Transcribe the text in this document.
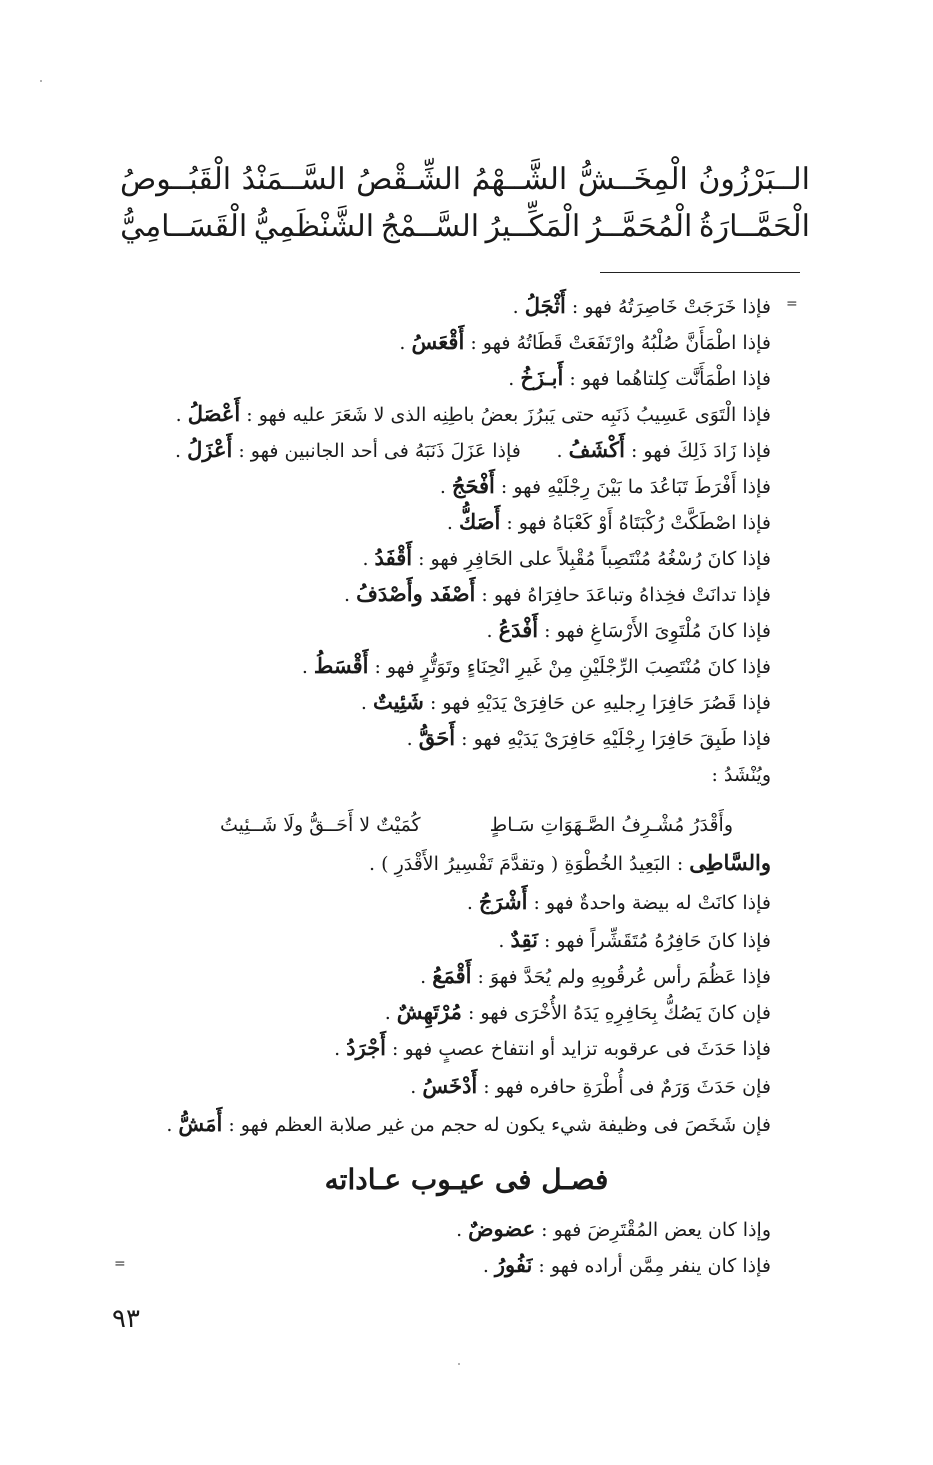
الــبَرْزُونُ
الْمِخَــشُّ
الشَّــهْمُ
الشِّـقْصُ
السَّــمَنْدُ
الْقَبُــوصُ
الْحَمَّــارَةُ
الْمُحَمَّــرُ
الْمَكِّــيرُ
السَّــمْجُ
الشَّنْظَمِيُّ
الْقَسَــامِيُّ
=
فإذا خَرَجَتْ خَاصِرَتُهُ فهو : أَثْجَلُ .
فإذا اطْمَأَنَّ صُلْبُهُ وارْتَفَعَتْ قَطَاتُهُ فهو : أَقْعَسُ .
فإذا اطْمَأَنَّت كِلتاهُما فهو : أَبـزَخُ .
فإذا الْتَوَى عَسِيبُ ذَنَبِه حتى يَبرُزَ بعضُ باطِنِه الذى لا شَعَرَ عليه فهو : أَعْصَلُ .
فإذا زَادَ ذَلِكَ فهو : أَكْشَفُ .
فإذا عَزَلَ ذَنَبَهُ فى أحد الجانبين فهو : أَعْزَلُ .
فإذا أَفْرَطَ تَبَاعُدَ ما بَيْنَ رِجْلَيْهِ فهو : أَفْحَجُ .
فإذا اصْطَكَّتْ رُكْبَتَاهُ أَوْ كَعْبَاهُ فهو : أَصَكُّ .
فإذا كانَ رُسْغُهُ مُنْتَصِباً مُقْبِلاً على الحَافِرِ فهو : أَقْفَدُ .
فإذا تدانَتْ فخِذاهُ وتباعَدَ حافِرَاهُ فهو : أَصْفَد وأَصْدَفُ .
فإذا كانَ مُلْتَوِىَ الأَرْسَاغِ فهو : أَفْدَعُ .
فإذا كانَ مُنْتَصِبَ الرِّجْلَيْنِ مِنْ غَيرِ انْحِنَاءٍ وتَوَتُّرٍ فهو : أَقْسَطُ .
فإذا قَصُرَ حَافِرَا رِجليهِ عن حَافِرَىْ يَدَيْهِ فهو : شَئِيتٌ .
فإذا طَبِقَ حَافِرَا رِجْلَيْهِ حَافِرَىْ يَدَيْهِ فهو : أَحَقُّ .
ويُنْشَدُ :
وأَقْدَرُ مُشْـرِفُ الصَّـهَوَاتِ سَـاطٍ
كُمَيْتٌ لا أَحَــقُّ ولَا شَــئِيتُ
والسَّاطِى : البَعِيدُ الخُطْوَةِ ( وتقدَّمَ تَفْسِيرُ الأَقْدَرِ ) .
فإذا كانَتْ له بيضة واحدةٌ فهو : أَشْرَجُ .
فإذا كانَ حَافِرُهُ مُتَقَشِّراً فهو : نَقِدٌ .
فإذا عَظُمَ رأس عُرقُوبِهِ ولم يُحَدَّ فهوَ : أَقْمَعُ .
فإن كانَ يَصُكُّ بِحَافِرِهِ يَدَهُ الأُخْرَى فهو : مُرْتَهِشٌ .
فإذا حَدَثَ فى عرقوبه تزايد أو انتفاخ عصبٍ فهو : أَجْرَدُ .
فإن حَدَثَ وَرَمٌ فى أُطْرَةِ حافره فهو : أَدْخَسُ .
فإن شَخَصَ فى وظيفة شيء يكون له حجم من غير صلابة العظم فهو : أَمَشُّ .
فصـل فى عيـوب عـاداته
وإذا كان يعض المُقْتَرِضَ فهو : عضوضٌ .
فإذا كان ينفر مِمَّن أراده فهو : نَفُورُ .
=
٩٣
